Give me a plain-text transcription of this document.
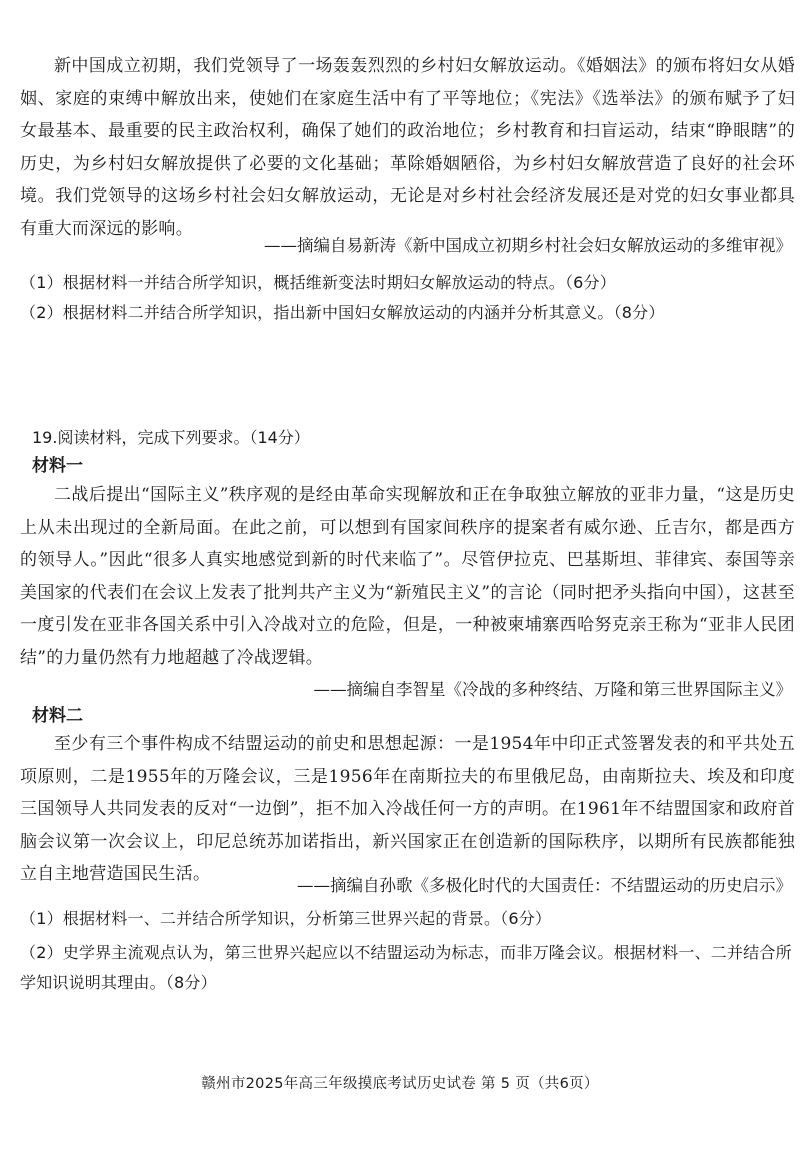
新中国成立初期，我们党领导了一场轰轰烈烈的乡村妇女解放运动。《婚姻法》的颁布将妇女从婚姻、家庭的束缚中解放出来，使她们在家庭生活中有了平等地位；《宪法》《选举法》的颁布赋予了妇女最基本、最重要的民主政治权利，确保了她们的政治地位；乡村教育和扫盲运动，结束“睁眼瞎”的历史，为乡村妇女解放提供了必要的文化基础；革除婚姻陋俗，为乡村妇女解放营造了良好的社会环境。我们党领导的这场乡村社会妇女解放运动，无论是对乡村社会经济发展还是对党的妇女事业都具有重大而深远的影响。

——摘编自易新涛《新中国成立初期乡村社会妇女解放运动的多维审视》

（1）根据材料一并结合所学知识，概括维新变法时期妇女解放运动的特点。（6分）

（2）根据材料二并结合所学知识，指出新中国妇女解放运动的内涵并分析其意义。（8分）

19.阅读材料，完成下列要求。（14分）

材料一

二战后提出“国际主义”秩序观的是经由革命实现解放和正在争取独立解放的亚非力量，“这是历史上从未出现过的全新局面。在此之前，可以想到有国家间秩序的提案者有威尔逊、丘吉尔，都是西方的领导人。”因此“很多人真实地感觉到新的时代来临了”。尽管伊拉克、巴基斯坦、菲律宾、泰国等亲美国家的代表们在会议上发表了批判共产主义为“新殖民主义”的言论（同时把矛头指向中国），这甚至一度引发在亚非各国关系中引入冷战对立的危险，但是，一种被柬埔寨西哈努克亲王称为“亚非人民团结”的力量仍然有力地超越了冷战逻辑。

——摘编自李智星《冷战的多种终结、万隆和第三世界国际主义》

材料二

至少有三个事件构成不结盟运动的前史和思想起源：一是1954年中印正式签署发表的和平共处五项原则，二是1955年的万隆会议，三是1956年在南斯拉夫的布里俄尼岛，由南斯拉夫、埃及和印度三国领导人共同发表的反对“一边倒”，拒不加入冷战任何一方的声明。在1961年不结盟国家和政府首脑会议第一次会议上，印尼总统苏加诺指出，新兴国家正在创造新的国际秩序，以期所有民族都能独立自主地营造国民生活。

——摘编自孙歌《多极化时代的大国责任：不结盟运动的历史启示》

（1）根据材料一、二并结合所学知识，分析第三世界兴起的背景。（6分）

（2）史学界主流观点认为，第三世界兴起应以不结盟运动为标志，而非万隆会议。根据材料一、二并结合所学知识说明其理由。（8分）

赣州市2025年高三年级摸底考试历史试卷 第 5 页（共6页）
